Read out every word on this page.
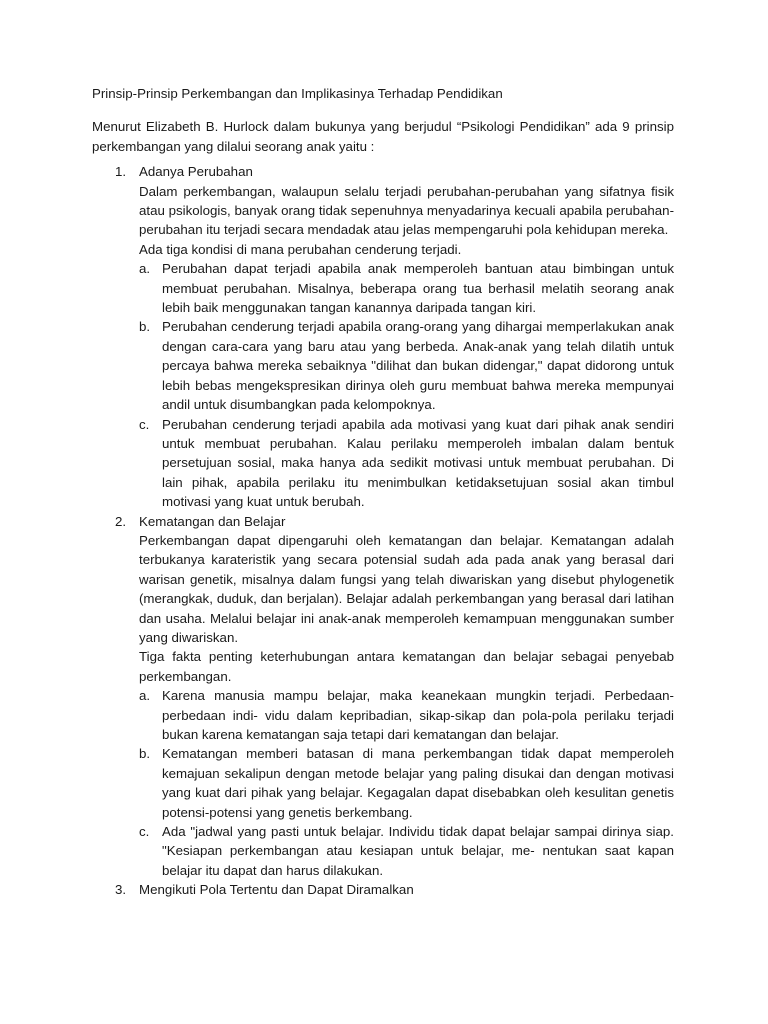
Prinsip-Prinsip Perkembangan dan Implikasinya Terhadap Pendidikan

Menurut Elizabeth B. Hurlock dalam bukunya yang berjudul “Psikologi Pendidikan” ada 9 prinsip perkembangan yang dilalui seorang anak yaitu :

1. Adanya Perubahan

Dalam perkembangan, walaupun selalu terjadi perubahan-perubahan yang sifatnya fisik atau psikologis, banyak orang tidak sepenuhnya menyadarinya kecuali apabila perubahan-perubahan itu terjadi secara mendadak atau jelas mempengaruhi pola kehidupan mereka.

Ada tiga kondisi di mana perubahan cenderung terjadi.

a. Perubahan dapat terjadi apabila anak memperoleh bantuan atau bimbingan untuk membuat perubahan. Misalnya, beberapa orang tua berhasil melatih seorang anak lebih baik menggunakan tangan kanannya daripada tangan kiri.
b. Perubahan cenderung terjadi apabila orang-orang yang dihargai memperlakukan anak dengan cara-cara yang baru atau yang berbeda. Anak-anak yang telah dilatih untuk percaya bahwa mereka sebaiknya "dilihat dan bukan didengar," dapat didorong untuk lebih bebas mengekspresikan dirinya oleh guru membuat bahwa mereka mempunyai andil untuk disumbangkan pada kelompoknya.
c. Perubahan cenderung terjadi apabila ada motivasi yang kuat dari pihak anak sendiri untuk membuat perubahan. Kalau perilaku memperoleh imbalan dalam bentuk persetujuan sosial, maka hanya ada sedikit motivasi untuk membuat perubahan. Di lain pihak, apabila perilaku itu menimbulkan ketidaksetujuan sosial akan timbul motivasi yang kuat untuk berubah.
2. Kematangan dan Belajar

Perkembangan dapat dipengaruhi oleh kematangan dan belajar. Kematangan adalah terbukanya karateristik yang secara potensial sudah ada pada anak yang berasal dari warisan genetik, misalnya dalam fungsi yang telah diwariskan yang disebut phylogenetik (merangkak, duduk, dan berjalan). Belajar adalah perkembangan yang berasal dari latihan dan usaha. Melalui belajar ini anak-anak memperoleh kemampuan menggunakan sumber yang diwariskan.

Tiga fakta penting keterhubungan antara kematangan dan belajar sebagai penyebab perkembangan.

a. Karena manusia mampu belajar, maka keanekaan mungkin terjadi. Perbedaan-perbedaan indi- vidu dalam kepribadian, sikap-sikap dan pola-pola perilaku terjadi bukan karena kematangan saja tetapi dari kematangan dan belajar.
b. Kematangan memberi batasan di mana perkembangan tidak dapat memperoleh kemajuan sekalipun dengan metode belajar yang paling disukai dan dengan motivasi yang kuat dari pihak yang belajar. Kegagalan dapat disebabkan oleh kesulitan genetis potensi-potensi yang genetis berkembang.
c. Ada "jadwal yang pasti untuk belajar. Individu tidak dapat belajar sampai dirinya siap. "Kesiapan perkembangan atau kesiapan untuk belajar, me- nentukan saat kapan belajar itu dapat dan harus dilakukan.
3. Mengikuti Pola Tertentu dan Dapat Diramalkan
